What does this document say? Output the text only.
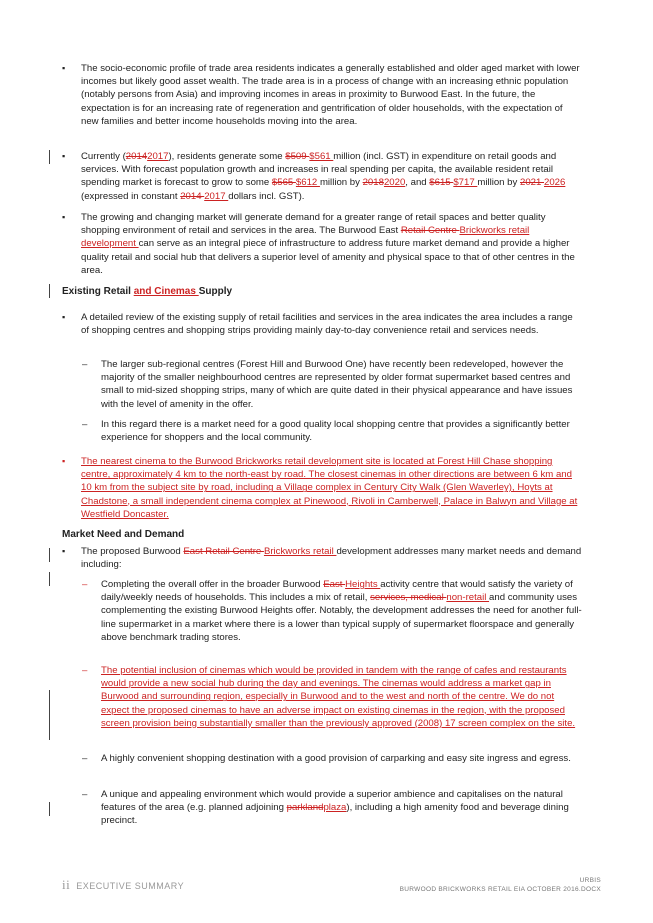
▪ The socio-economic profile of trade area residents indicates a generally established and older aged market with lower incomes but likely good asset wealth. The trade area is in a process of change with an increasing ethnic population (notably persons from Asia) and improving incomes in areas in proximity to Burwood East. In the future, the expectation is for an increasing rate of regeneration and gentrification of older households, with the expectation of new families and better income households moving into the area.
▪ Currently (20142017), residents generate some $509 $561 million (incl. GST) in expenditure on retail goods and services. With forecast population growth and increases in real spending per capita, the available resident retail spending market is forecast to grow to some $565 $612 million by 20182020, and $615 $717 million by 2021 2026 (expressed in constant 2014 2017 dollars incl. GST).
▪ The growing and changing market will generate demand for a greater range of retail spaces and better quality shopping environment of retail and services in the area. The Burwood East Retail Centre Brickworks retail development can serve as an integral piece of infrastructure to address future market demand and provide a higher quality retail and social hub that delivers a superior level of amenity and physical space to that of other centres in the area.
Existing Retail and Cinemas Supply
▪ A detailed review of the existing supply of retail facilities and services in the area indicates the area includes a range of shopping centres and shopping strips providing mainly day-to-day convenience retail and services needs.
– The larger sub-regional centres (Forest Hill and Burwood One) have recently been redeveloped, however the majority of the smaller neighbourhood centres are represented by older format supermarket based centres and small to mid-sized shopping strips, many of which are quite dated in their physical appearance and have issues with the level of amenity in the offer.
– In this regard there is a market need for a good quality local shopping centre that provides a significantly better experience for shoppers and the local community.
▪ The nearest cinema to the Burwood Brickworks retail development site is located at Forest Hill Chase shopping centre, approximately 4 km to the north-east by road. The closest cinemas in other directions are between 6 km and 10 km from the subject site by road, including a Village complex in Century City Walk (Glen Waverley), Hoyts at Chadstone, a small independent cinema complex at Pinewood, Rivoli in Camberwell, Palace in Balwyn and Village at Westfield Doncaster.
Market Need and Demand
▪ The proposed Burwood East Retail Centre Brickworks retail development addresses many market needs and demand including:
– Completing the overall offer in the broader Burwood East Heights activity centre that would satisfy the variety of daily/weekly needs of households. This includes a mix of retail, services, medical non-retail and community uses complementing the existing Burwood Heights offer. Notably, the development addresses the need for another full-line supermarket in a market where there is a lower than typical supply of supermarket floorspace and generally above benchmark trading stores.
– The potential inclusion of cinemas which would be provided in tandem with the range of cafes and restaurants would provide a new social hub during the day and evenings. The cinemas would address a market gap in Burwood and surrounding region, especially in Burwood and to the west and north of the centre. We do not expect the proposed cinemas to have an adverse impact on existing cinemas in the region, with the proposed screen provision being substantially smaller than the previously approved (2008) 17 screen complex on the site.
– A highly convenient shopping destination with a good provision of carparking and easy site ingress and egress.
– A unique and appealing environment which would provide a superior ambience and capitalises on the natural features of the area (e.g. planned adjoining parklandplaza), including a high amenity food and beverage dining precinct.
ii EXECUTIVE SUMMARY
URBIS
BURWOOD BRICKWORKS RETAIL EIA OCTOBER 2016.DOCX
